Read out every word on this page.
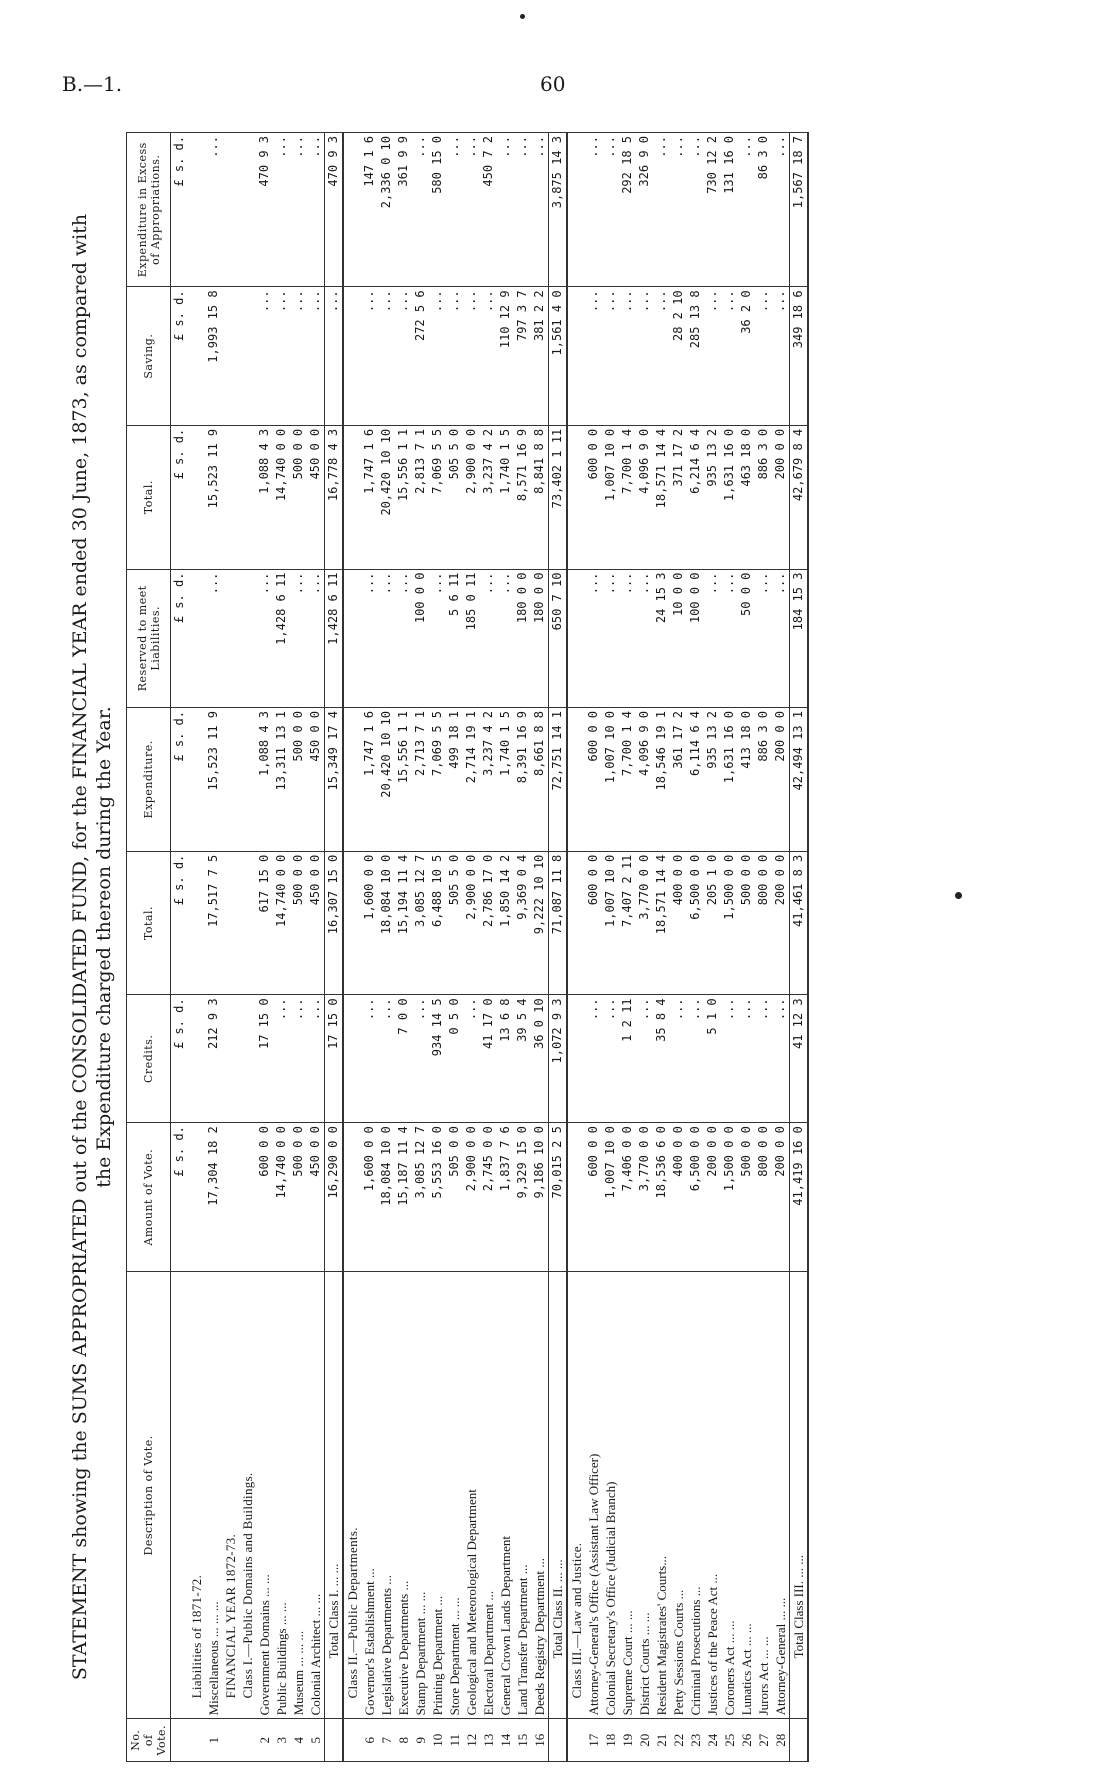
B.—1.	60
STATEMENT showing the SUMS APPROPRIATED out of the CONSOLIDATED FUND, for the FINANCIAL YEAR ended 30 June, 1873, as compared with the Expenditure charged thereon during the Year.
No. of Vote.	Description of Vote.	Amount of Vote.	Credits.	Total.	Expenditure.	Reserved to meet Liabilities.	Total.	Saving.	Expenditure in Excess of Appropriations.
		£ s. d.	£ s. d.	£ s. d.	£ s. d.	£ s. d.	£ s. d.	£ s. d.	£ s. d.
	Liabilities of 1871-72.								
1	Miscellaneous ... ... ...	17,304 18 2	212 9 3	17,517 7 5	15,523 11 9	...	15,523 11 9	1,993 15 8	...
	FINANCIAL YEAR 1872-73.								
	Class I.—Public Domains and Buildings.								
2	Government Domains ... ...	600 0 0	17 15 0	617 15 0	1,088 4 3	...	1,088 4 3	...	470 9 3
3	Public Buildings ... ...	14,740 0 0	...	14,740 0 0	13,311 13 1	1,428 6 11	14,740 0 0	...	...
4	Museum ... ... ...	500 0 0	...	500 0 0	500 0 0	...	500 0 0	...	...
5	Colonial Architect ... ...	450 0 0	...	450 0 0	450 0 0	...	450 0 0	...	...
	Total Class I. ... ...	16,290 0 0	17 15 0	16,307 15 0	15,349 17 4	1,428 6 11	16,778 4 3	...	470 9 3
	Class II.—Public Departments.								
6	Governor's Establishment ...	1,600 0 0	...	1,600 0 0	1,747 1 6	...	1,747 1 6	...	147 1 6
7	Legislative Departments ...	18,084 10 0	...	18,084 10 0	20,420 10 10	...	20,420 10 10	...	2,336 0 10
8	Executive Departments ...	15,187 11 4	7 0 0	15,194 11 4	15,556 1 1	...	15,556 1 1	...	361 9 9
9	Stamp Department ... ...	3,085 12 7	...	3,085 12 7	2,713 7 1	100 0 0	2,813 7 1	272 5 6	...
10	Printing Department ...	5,553 16 0	934 14 5	6,488 10 5	7,069 5 5	...	7,069 5 5	...	580 15 0
11	Store Department ... ...	505 0 0	0 5 0	505 5 0	499 18 1	5 6 11	505 5 0	...	...
12	Geological and Meteorological Department	2,900 0 0	...	2,900 0 0	2,714 19 1	185 0 11	2,900 0 0	...	...
13	Electoral Department ...	2,745 0 0	41 17 0	2,786 17 0	3,237 4 2	...	3,237 4 2	...	450 7 2
14	General Crown Lands Department	1,837 7 6	13 6 8	1,850 14 2	1,740 1 5	...	1,740 1 5	110 12 9	...
15	Land Transfer Department ...	9,329 15 0	39 5 4	9,369 0 4	8,391 16 9	180 0 0	8,571 16 9	797 3 7	...
16	Deeds Registry Department ...	9,186 10 0	36 0 10	9,222 10 10	8,661 8 8	180 0 0	8,841 8 8	381 2 2	...
	Total Class II. ... ...	70,015 2 5	1,072 9 3	71,087 11 8	72,751 14 1	650 7 10	73,402 1 11	1,561 4 0	3,875 14 3
	Class III.—Law and Justice.								
17	Attorney-General's Office (Assistant Law Officer)	600 0 0	...	600 0 0	600 0 0	...	600 0 0	...	...
18	Colonial Secretary's Office (Judicial Branch)	1,007 10 0	...	1,007 10 0	1,007 10 0	...	1,007 10 0	...	...
19	Supreme Court ... ...	7,406 0 0	1 2 11	7,407 2 11	7,700 1 4	...	7,700 1 4	...	292 18 5
20	District Courts ... ...	3,770 0 0	...	3,770 0 0	4,096 9 0	...	4,096 9 0	...	326 9 0
21	Resident Magistrates' Courts...	18,536 6 0	35 8 4	18,571 14 4	18,546 19 1	24 15 3	18,571 14 4	...	...
22	Petty Sessions Courts ...	400 0 0	...	400 0 0	361 17 2	10 0 0	371 17 2	28 2 10	...
23	Criminal Prosecutions ...	6,500 0 0	...	6,500 0 0	6,114 6 4	100 0 0	6,214 6 4	285 13 8	...
24	Justices of the Peace Act ...	200 0 0	5 1 0	205 1 0	935 13 2	...	935 13 2	...	730 12 2
25	Coroners Act ... ...	1,500 0 0	...	1,500 0 0	1,631 16 0	...	1,631 16 0	...	131 16 0
26	Lunatics Act ... ...	500 0 0	...	500 0 0	413 18 0	50 0 0	463 18 0	36 2 0	...
27	Jurors Act ... ...	800 0 0	...	800 0 0	886 3 0	...	886 3 0	...	86 3 0
28	Attorney-General ... ...	200 0 0	...	200 0 0	200 0 0	...	200 0 0	...	...
	Total Class III. ... ...	41,419 16 0	41 12 3	41,461 8 3	42,494 13 1	184 15 3	42,679 8 4	349 18 6	1,567 18 7
